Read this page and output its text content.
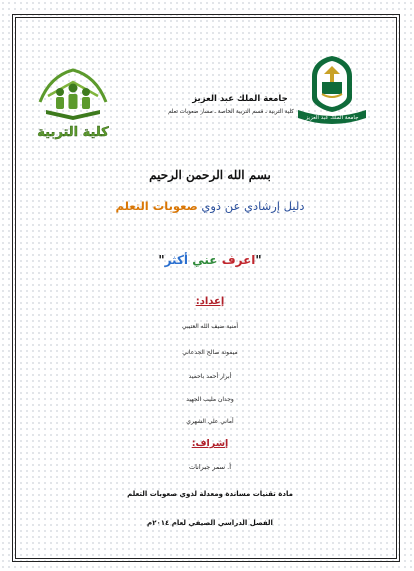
جامعة الملك عبد العزيز
كلية التربية
جامعة الملك عبد العزيز
كلية التربية ـ قسم التربية الخاصة ـ مسار صعوبات تعلم
بسم الله الرحمن الرحيم
دليل إرشادي عن ذوي صعوبات التعلم
"اعرف عني أكثر"
إعداد:
أمنية ضيف الله العتيبي
ميمونة صالح الجدعاني
أبرار أحمد باحميد
وجدان مليب الجهيد
أماني علي الشهري
إشراف:
أ. سمر جبرانات
مادة تقنيات مساندة ومعدلة لذوي صعوبات التعلم
الفصل الدراسي الصيفي لعام ٢٠١٤م
